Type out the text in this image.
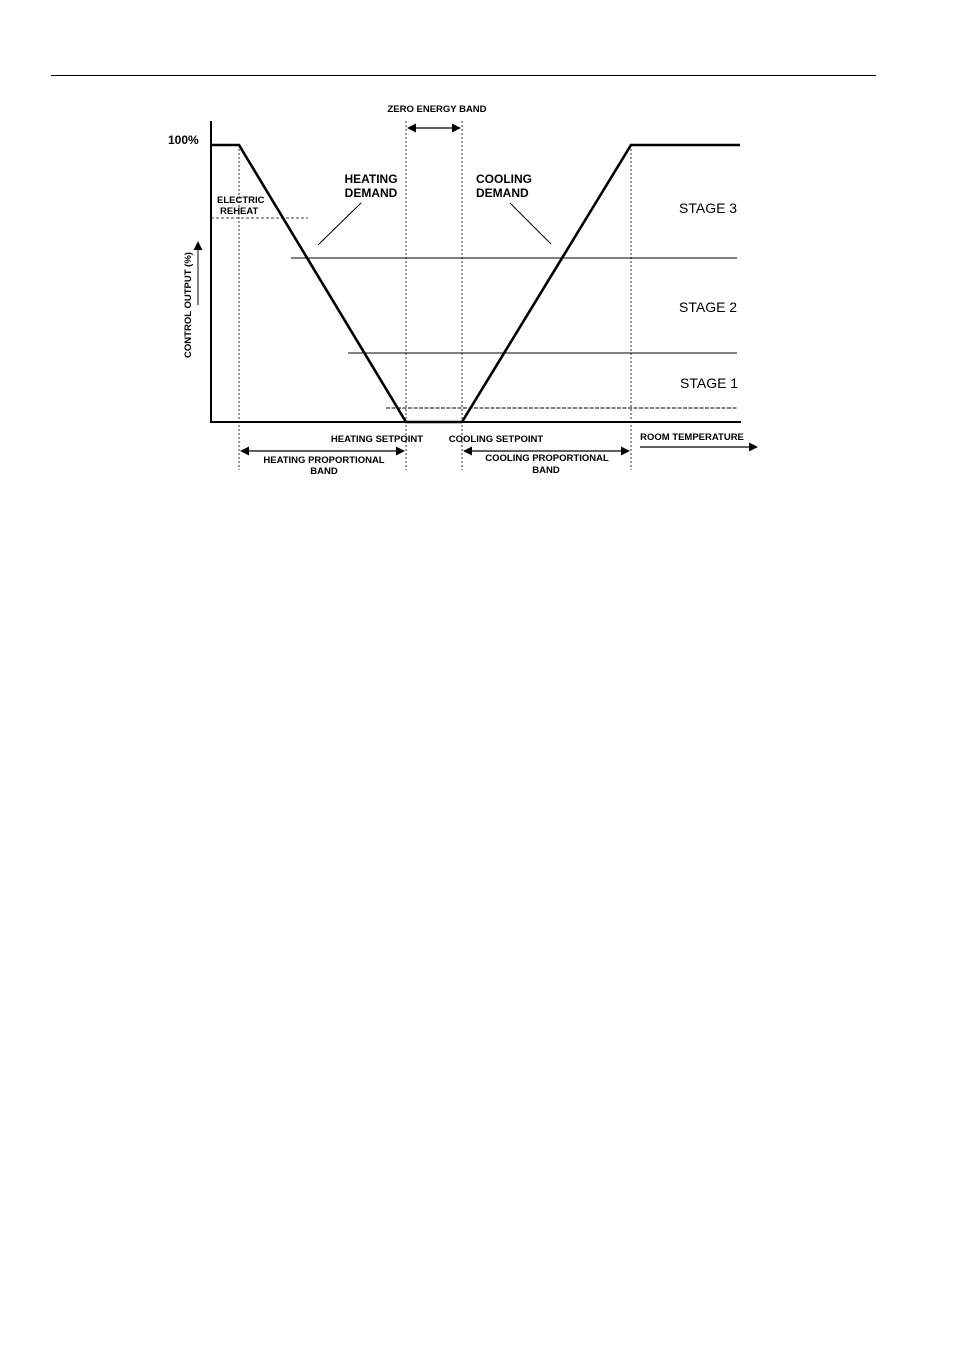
100%
CONTROL OUTPUT (%)
ZERO ENERGY BAND
ELECTRIC
REHEAT
HEATING
DEMAND
COOLING
DEMAND
STAGE 3
STAGE 2
STAGE 1
HEATING SETPOINT	COOLING SETPOINT	ROOM TEMPERATURE
HEATING PROPORTIONAL
BAND
COOLING PROPORTIONAL
BAND
